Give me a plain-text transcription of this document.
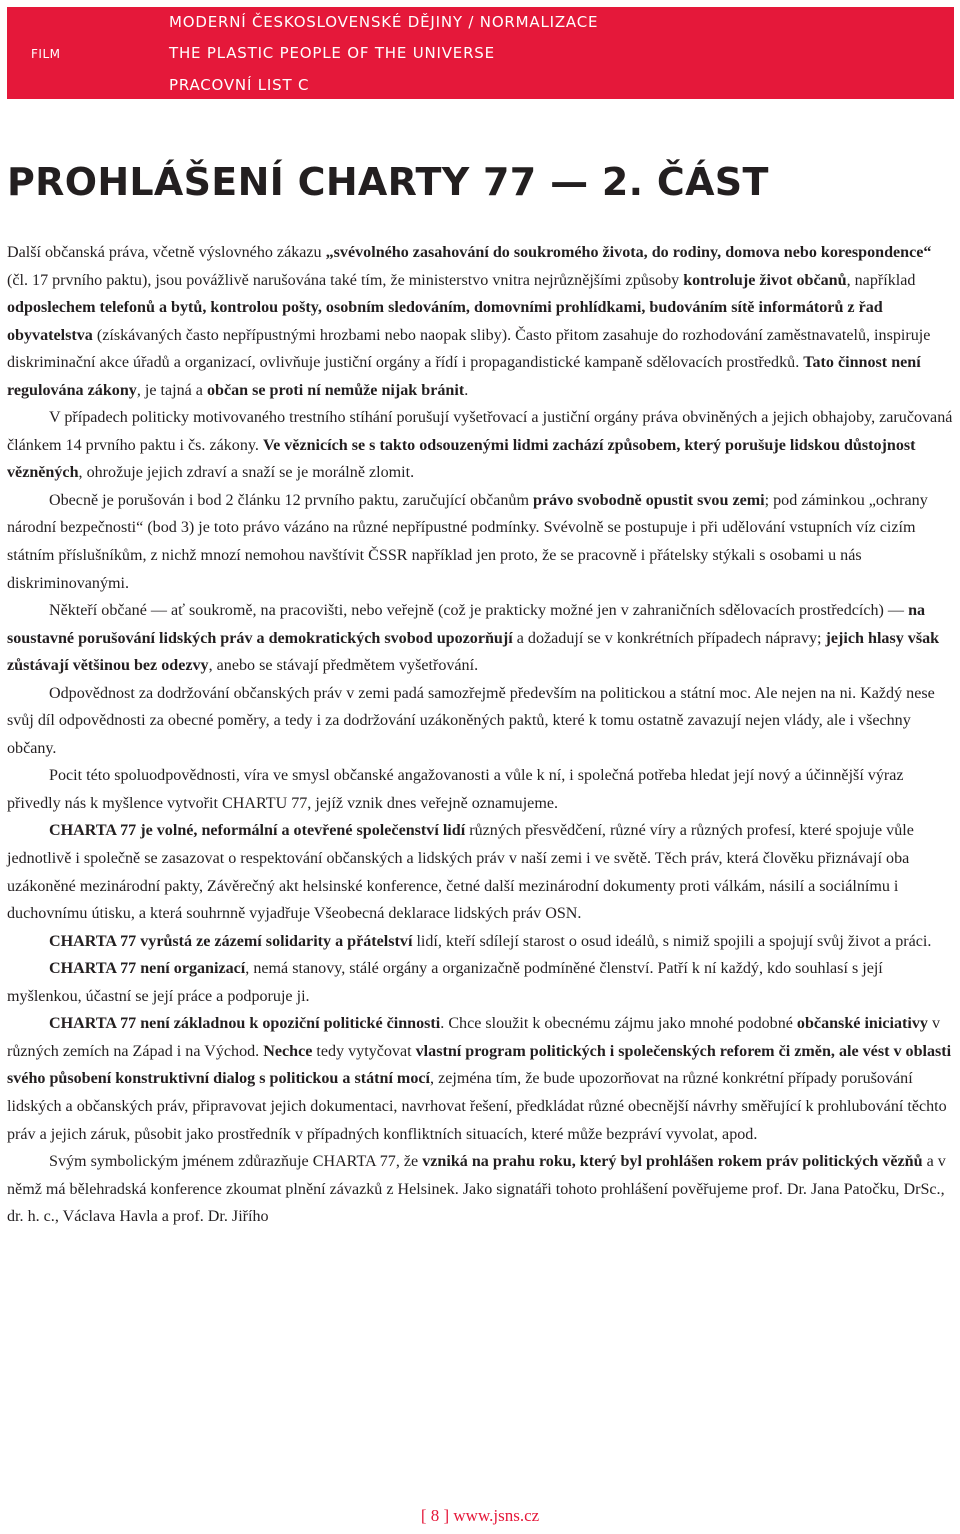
FILM
MODERNÍ ČESKOSLOVENSKÉ DĚJINY / NORMALIZACE
THE PLASTIC PEOPLE OF THE UNIVERSE
PRACOVNÍ LIST C
PROHLÁŠENÍ CHARTY 77 — 2. ČÁST

Další občanská práva, včetně výslovného zákazu „svévolného zasahování do soukromého života, do rodiny, domova nebo korespondence“ (čl. 17 prvního paktu), jsou povážlivě narušována také tím, že ministerstvo vnitra nejrůznějšími způsoby kontroluje život občanů, například odposlechem telefonů a bytů, kontrolou pošty, osobním sledováním, domovními prohlídkami, budováním sítě informátorů z řad obyvatelstva (získávaných často nepřípustnými hrozbami nebo naopak sliby). Často přitom zasahuje do rozhodování zaměstnavatelů, inspiruje diskriminační akce úřadů a organizací, ovlivňuje justiční orgány a řídí i propagandistické kampaně sdělovacích prostředků. Tato činnost není regulována zákony, je tajná a občan se proti ní nemůže nijak bránit.

V případech politicky motivovaného trestního stíhání porušují vyšetřovací a justiční orgány práva obviněných a jejich obhajoby, zaručovaná článkem 14 prvního paktu i čs. zákony. Ve věznicích se s takto odsouzenými lidmi zachází způsobem, který porušuje lidskou důstojnost vězněných, ohrožuje jejich zdraví a snaží se je morálně zlomit.

Obecně je porušován i bod 2 článku 12 prvního paktu, zaručující občanům právo svobodně opustit svou zemi; pod záminkou „ochrany národní bezpečnosti“ (bod 3) je toto právo vázáno na různé nepřípustné podmínky. Svévolně se postupuje i při udělování vstupních víz cizím státním příslušníkům, z nichž mnozí nemohou navštívit ČSSR například jen proto, že se pracovně i přátelsky stýkali s osobami u nás diskriminovanými.

Někteří občané — ať soukromě, na pracovišti, nebo veřejně (což je prakticky možné jen v zahraničních sdělovacích prostředcích) — na soustavné porušování lidských práv a demokratických svobod upozorňují a dožadují se v konkrétních případech nápravy; jejich hlasy však zůstávají většinou bez odezvy, anebo se stávají předmětem vyšetřování.

Odpovědnost za dodržování občanských práv v zemi padá samozřejmě především na politickou a státní moc. Ale nejen na ni. Každý nese svůj díl odpovědnosti za obecné poměry, a tedy i za dodržování uzákoněných paktů, které k tomu ostatně zavazují nejen vlády, ale i všechny občany.

Pocit této spoluodpovědnosti, víra ve smysl občanské angažovanosti a vůle k ní, i společná potřeba hledat její nový a účinnější výraz přivedly nás k myšlence vytvořit CHARTU 77, jejíž vznik dnes veřejně oznamujeme.

CHARTA 77 je volné, neformální a otevřené společenství lidí různých přesvědčení, různé víry a různých profesí, které spojuje vůle jednotlivě i společně se zasazovat o respektování občanských a lidských práv v naší zemi i ve světě. Těch práv, která člověku přiznávají oba uzákoněné mezinárodní pakty, Závěrečný akt helsinské konference, četné další mezinárodní dokumenty proti válkám, násilí a sociálnímu i duchovnímu útisku, a která souhrnně vyjadřuje Všeobecná deklarace lidských práv OSN.

CHARTA 77 vyrůstá ze zázemí solidarity a přátelství lidí, kteří sdílejí starost o osud ideálů, s nimiž spojili a spojují svůj život a práci.

CHARTA 77 není organizací, nemá stanovy, stálé orgány a organizačně podmíněné členství. Patří k ní každý, kdo souhlasí s její myšlenkou, účastní se její práce a podporuje ji.

CHARTA 77 není základnou k opoziční politické činnosti. Chce sloužit k obecnému zájmu jako mnohé podobné občanské iniciativy v různých zemích na Západ i na Východ. Nechce tedy vytyčovat vlastní program politických i společenských reforem či změn, ale vést v oblasti svého působení konstruktivní dialog s politickou a státní mocí, zejména tím, že bude upozorňovat na různé konkrétní případy porušování lidských a občanských práv, připravovat jejich dokumentaci, navrhovat řešení, předkládat různé obecnější návrhy směřující k prohlubování těchto práv a jejich záruk, působit jako prostředník v případných konfliktních situacích, které může bezpráví vyvolat, apod.

Svým symbolickým jménem zdůrazňuje CHARTA 77, že vzniká na prahu roku, který byl prohlášen rokem práv politických vězňů a v němž má bělehradská konference zkoumat plnění závazků z Helsinek. Jako signatáři tohoto prohlášení pověřujeme prof. Dr. Jana Patočku, DrSc., dr. h. c., Václava Havla a prof. Dr. Jiřího

[ 8 ] www.jsns.cz
